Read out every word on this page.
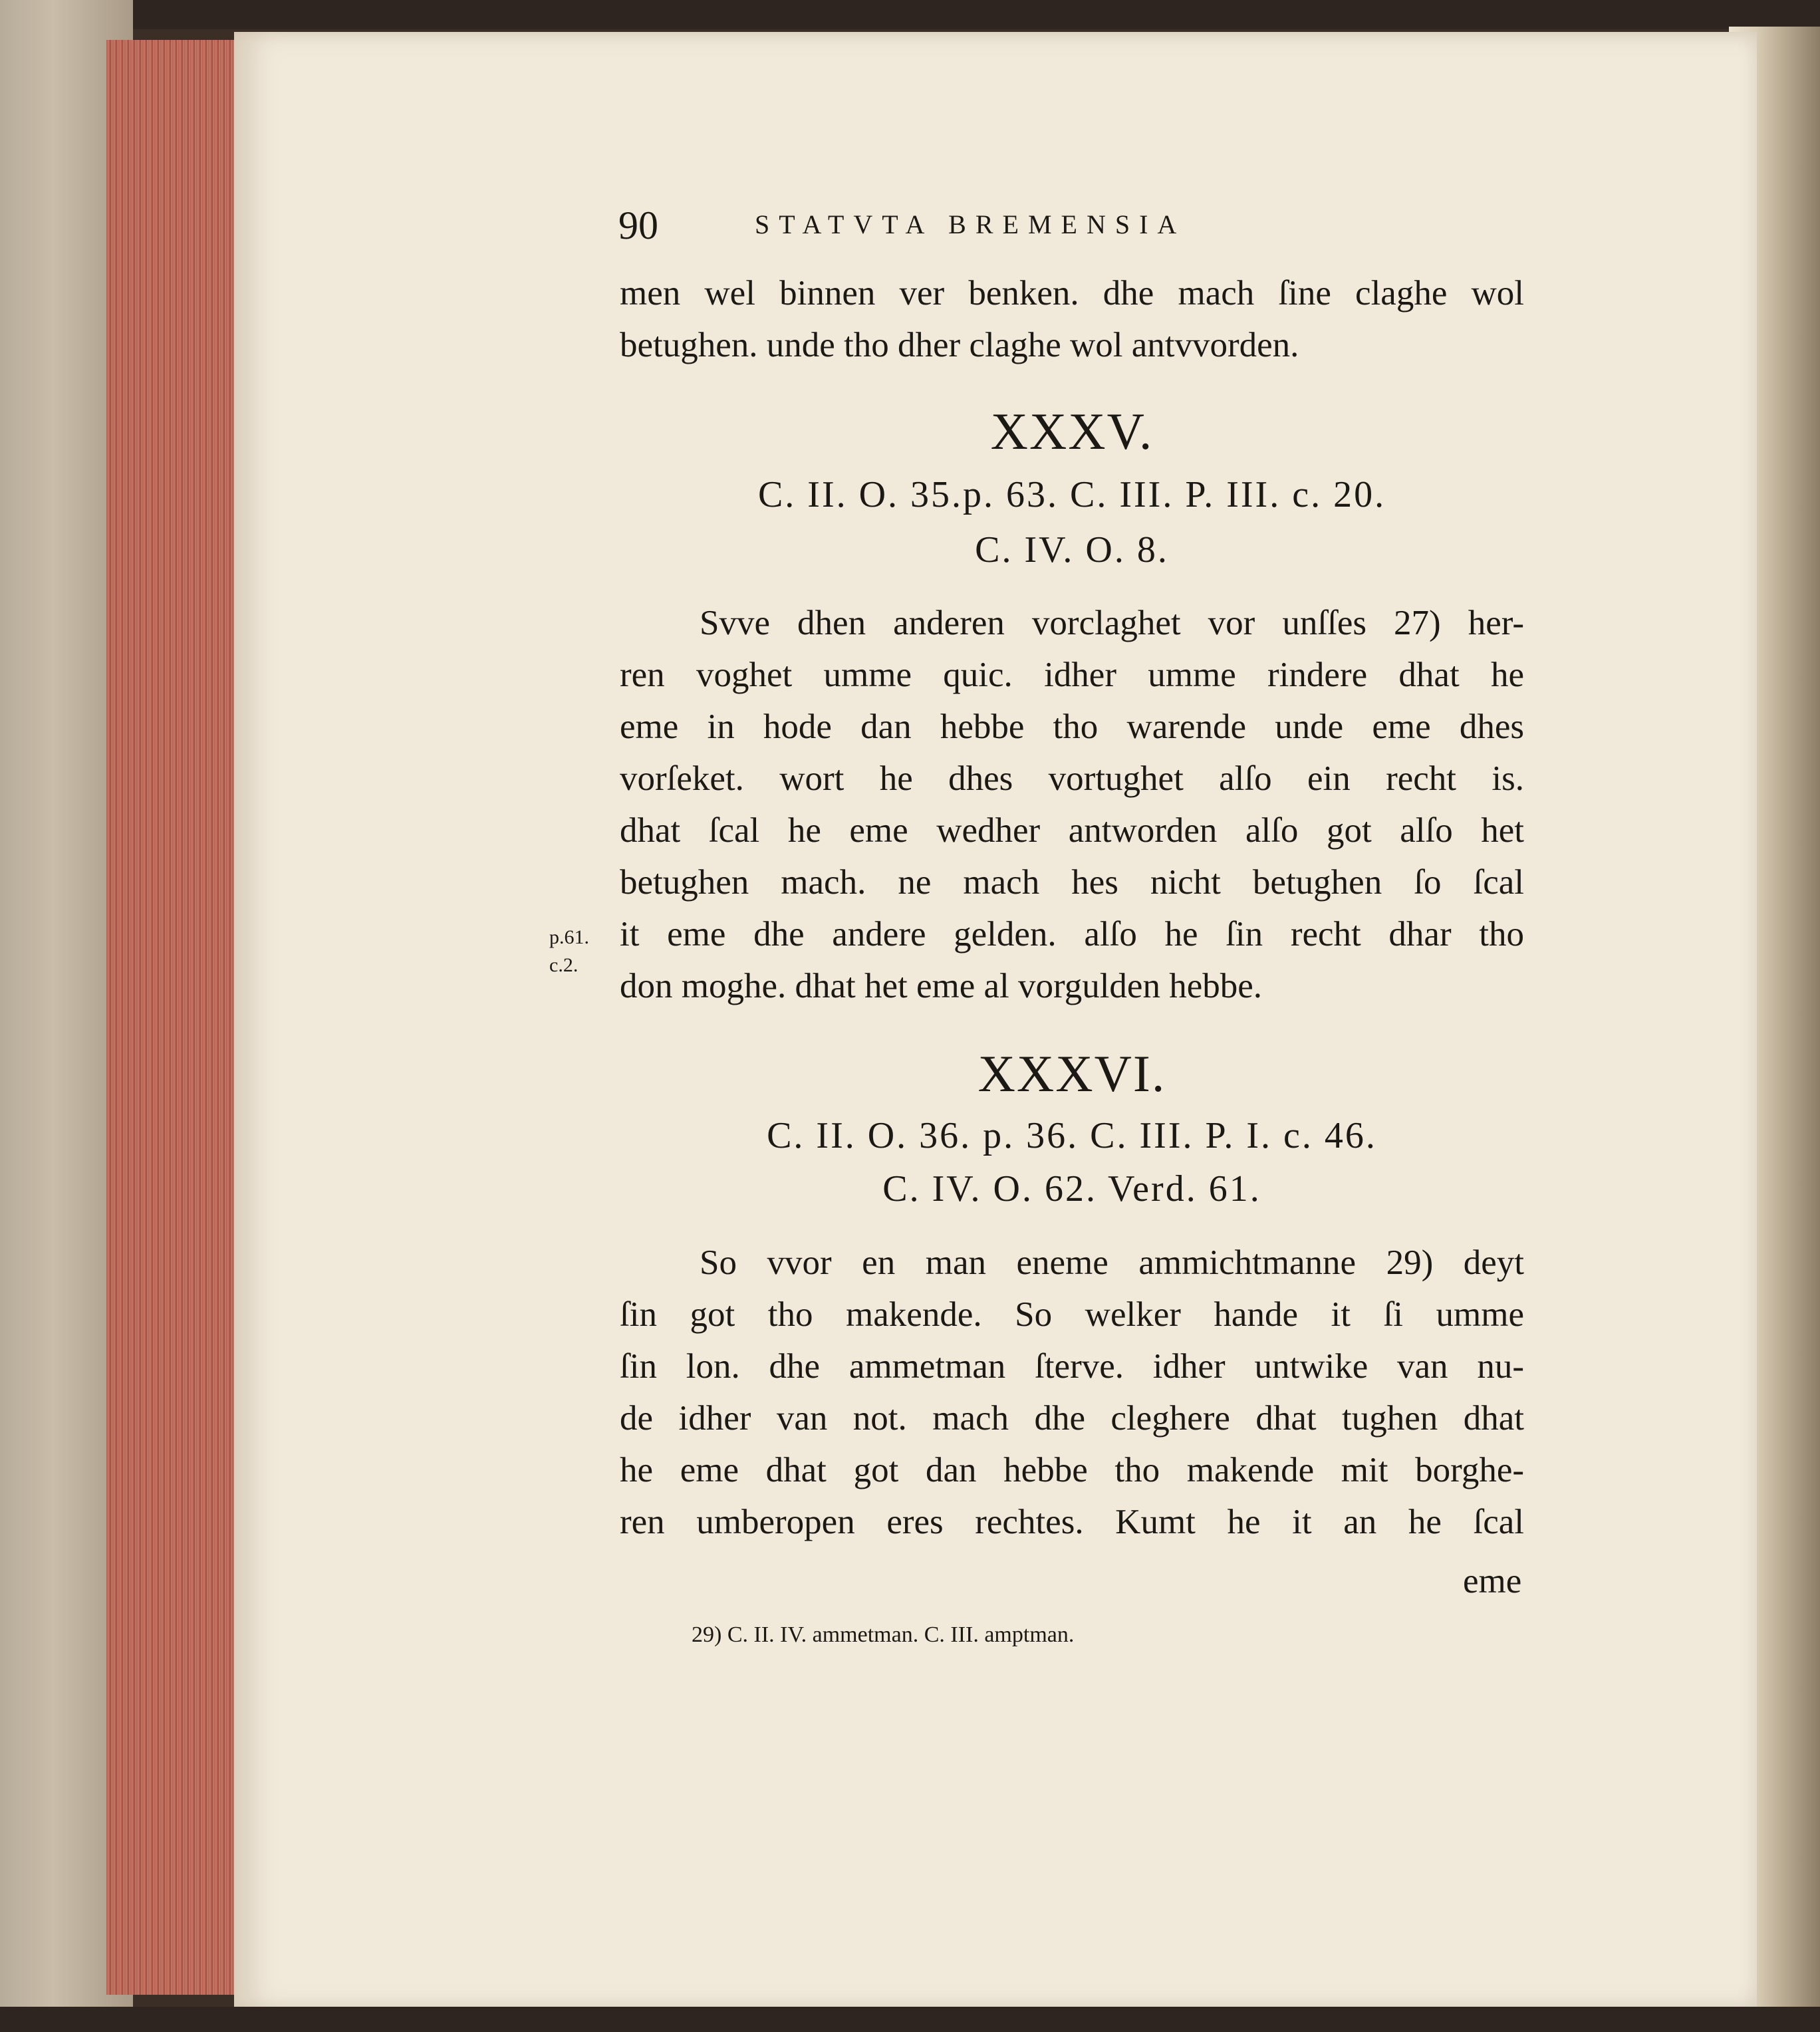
90	STATVTA BREMENSIA
men wel binnen ver benken. dhe mach ſine claghe wol
betughen. unde tho dher claghe wol antvvorden.
XXXV.
C. II. O. 35.p. 63. C. III. P. III. c. 20.
C. IV. O. 8.
Svve dhen anderen vorclaghet vor unſſes 27) her-
ren voghet umme quic. idher umme rindere dhat he
eme in hode dan hebbe tho warende unde eme dhes
vorſeket. wort he dhes vortughet alſo ein recht is.
dhat ſcal he eme wedher antworden alſo got alſo het
betughen mach. ne mach hes nicht betughen ſo ſcal
it eme dhe andere gelden. alſo he ſin recht dhar tho
don moghe. dhat het eme al vorgulden hebbe.
p.61.
c.2.
XXXVI.
C. II. O. 36. p. 36. C. III. P. I. c. 46.
C. IV. O. 62. Verd. 61.
So vvor en man eneme ammichtmanne 29) deyt
ſin got tho makende. So welker hande it ſi umme
ſin lon. dhe ammetman ſterve. idher untwike van nu-
de idher van not. mach dhe cleghere dhat tughen dhat
he eme dhat got dan hebbe tho makende mit borghe-
ren umberopen eres rechtes. Kumt he it an he ſcal
eme
29) C. II. IV. ammetman. C. III. amptman.
